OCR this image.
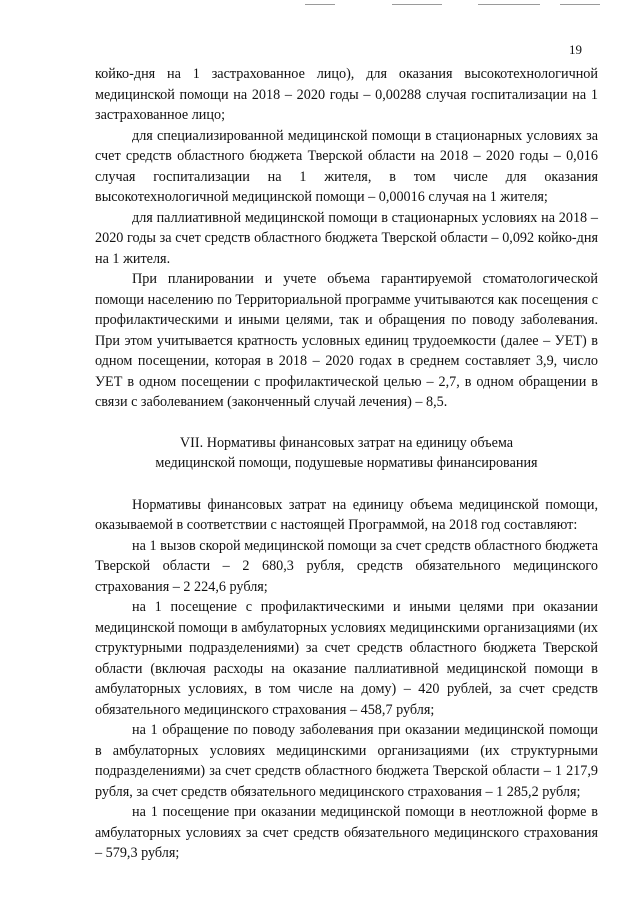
19

койко-дня на 1 застрахованное лицо), для оказания высокотехнологичной медицинской помощи на 2018 – 2020 годы – 0,00288 случая госпитализации на 1 застрахованное лицо;

для специализированной медицинской помощи в стационарных условиях за счет средств областного бюджета Тверской области на 2018 – 2020 годы – 0,016 случая госпитализации на 1 жителя, в том числе для оказания высокотехнологичной медицинской помощи – 0,00016 случая на 1 жителя;

для паллиативной медицинской помощи в стационарных условиях на 2018 – 2020 годы за счет средств областного бюджета Тверской области – 0,092 койко-дня на 1 жителя.

При планировании и учете объема гарантируемой стоматологической помощи населению по Территориальной программе учитываются как посещения с профилактическими и иными целями, так и обращения по поводу заболевания. При этом учитывается кратность условных единиц трудоемкости (далее – УЕТ) в одном посещении, которая в 2018 – 2020 годах в среднем составляет 3,9, число УЕТ в одном посещении с профилактической целью – 2,7, в одном обращении в связи с заболеванием (законченный случай лечения) – 8,5.

VII. Нормативы финансовых затрат на единицу объема
медицинской помощи, подушевые нормативы финансирования

Нормативы финансовых затрат на единицу объема медицинской помощи, оказываемой в соответствии с настоящей Программой, на 2018 год составляют:

на 1 вызов скорой медицинской помощи за счет средств областного бюджета Тверской области – 2 680,3 рубля, средств обязательного медицинского страхования – 2 224,6 рубля;

на 1 посещение с профилактическими и иными целями при оказании медицинской помощи в амбулаторных условиях медицинскими организациями (их структурными подразделениями) за счет средств областного бюджета Тверской области (включая расходы на оказание паллиативной медицинской помощи в амбулаторных условиях, в том числе на дому) – 420 рублей, за счет средств обязательного медицинского страхования – 458,7 рубля;

на 1 обращение по поводу заболевания при оказании медицинской помощи в амбулаторных условиях медицинскими организациями (их структурными подразделениями) за счет средств областного бюджета Тверской области – 1 217,9 рубля, за счет средств обязательного медицинского страхования – 1 285,2 рубля;

на 1 посещение при оказании медицинской помощи в неотложной форме в амбулаторных условиях за счет средств обязательного медицинского страхования – 579,3 рубля;
